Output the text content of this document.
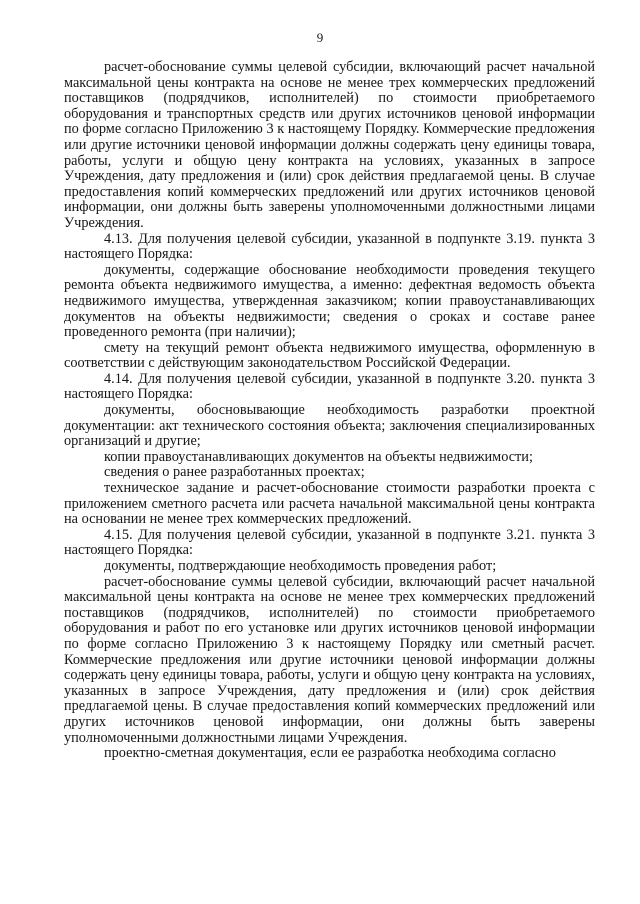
9

расчет-обоснование суммы целевой субсидии, включающий расчет начальной максимальной цены контракта на основе не менее трех коммерческих предложений поставщиков (подрядчиков, исполнителей) по стоимости приобретаемого оборудования и транспортных средств или других источников ценовой информации по форме согласно Приложению 3 к настоящему Порядку. Коммерческие предложения или другие источники ценовой информации должны содержать цену единицы товара, работы, услуги и общую цену контракта на условиях, указанных в запросе Учреждения, дату предложения и (или) срок действия предлагаемой цены. В случае предоставления копий коммерческих предложений или других источников ценовой информации, они должны быть заверены уполномоченными должностными лицами Учреждения.

4.13. Для получения целевой субсидии, указанной в подпункте 3.19. пункта 3 настоящего Порядка:

документы, содержащие обоснование необходимости проведения текущего ремонта объекта недвижимого имущества, а именно: дефектная ведомость объекта недвижимого имущества, утвержденная заказчиком; копии правоустанавливающих документов на объекты недвижимости; сведения о сроках и составе ранее проведенного ремонта (при наличии);

смету на текущий ремонт объекта недвижимого имущества, оформленную в соответствии с действующим законодательством Российской Федерации.

4.14. Для получения целевой субсидии, указанной в подпункте 3.20. пункта 3 настоящего Порядка:

документы, обосновывающие необходимость разработки проектной документации: акт технического состояния объекта; заключения специализированных организаций и другие;

копии правоустанавливающих документов на объекты недвижимости;

сведения о ранее разработанных проектах;

техническое задание и расчет-обоснование стоимости разработки проекта с приложением сметного расчета или расчета начальной максимальной цены контракта на основании не менее трех коммерческих предложений.

4.15. Для получения целевой субсидии, указанной в подпункте 3.21. пункта 3 настоящего Порядка:

документы, подтверждающие необходимость проведения работ;

расчет-обоснование суммы целевой субсидии, включающий расчет начальной максимальной цены контракта на основе не менее трех коммерческих предложений поставщиков (подрядчиков, исполнителей) по стоимости приобретаемого оборудования и работ по его установке или других источников ценовой информации по форме согласно Приложению 3 к настоящему Порядку или сметный расчет. Коммерческие предложения или другие источники ценовой информации должны содержать цену единицы товара, работы, услуги и общую цену контракта на условиях, указанных в запросе Учреждения, дату предложения и (или) срок действия предлагаемой цены. В случае предоставления копий коммерческих предложений или других источников ценовой информации, они должны быть заверены уполномоченными должностными лицами Учреждения.

проектно-сметная документация, если ее разработка необходима согласно
